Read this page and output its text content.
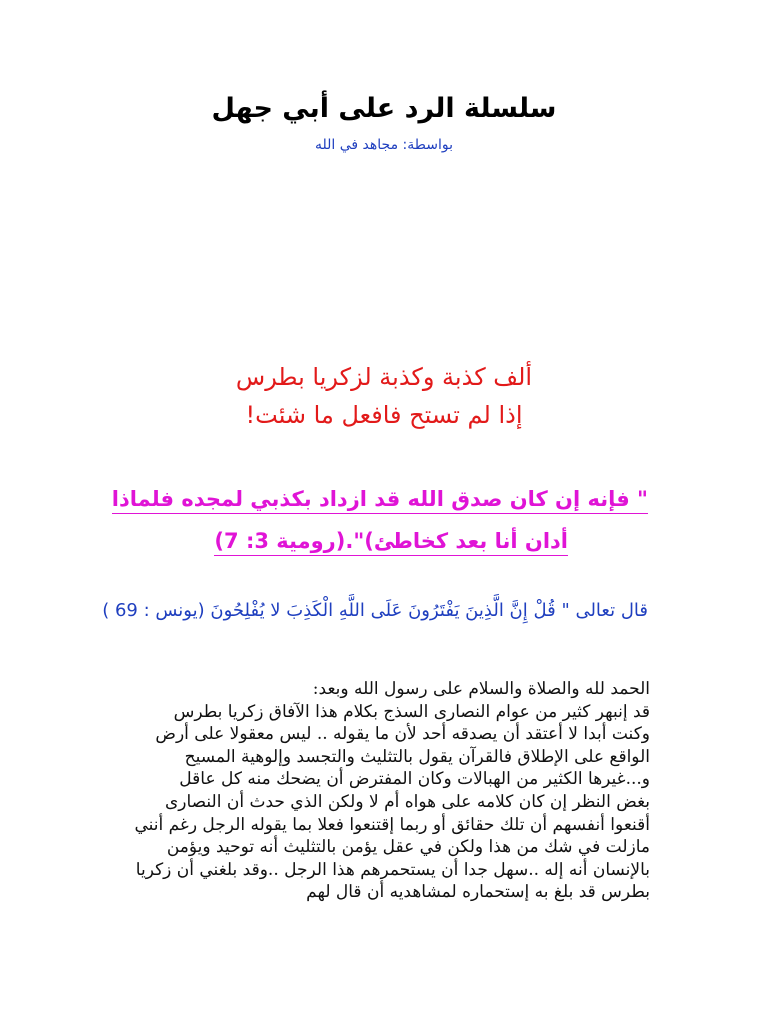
سلسلة الرد على أبي جهل
بواسطة: مجاهد في الله
ألف كذبة وكذبة لزكريا بطرس
إذا لم تستح فافعل ما شئت!
" فإنه إن كان صدق الله قد ازداد بكذبي لمجده فلماذا
أدان أنا بعد كخاطئ)".(رومية 3: 7)
قال تعالى " قُلْ إِنَّ الَّذِينَ يَفْتَرُونَ عَلَى اللَّهِ الْكَذِبَ لا يُفْلِحُونَ (يونس : 69 )
الحمد لله والصلاة والسلام على رسول الله وبعد:
قد إنبهر كثير من عوام النصارى السذج بكلام هذا الآفاق زكريا بطرس
وكنت أبدا لا أعتقد أن يصدقه أحد لأن ما يقوله .. ليس معقولا على أرض
الواقع على الإطلاق فالقرآن يقول بالتثليث والتجسد وإلوهية المسيح
و...غيرها الكثير من الهبالات وكان المفترض أن يضحك منه كل عاقل
بغض النظر إن كان كلامه على هواه أم لا ولكن الذي حدث أن النصارى
أقنعوا أنفسهم أن تلك حقائق أو ربما إقتنعوا فعلا بما يقوله الرجل رغم أنني
مازلت في شك من هذا ولكن في عقل يؤمن بالتثليث أنه توحيد ويؤمن
بالإنسان أنه إله ..سهل جدا أن يستحمرهم هذا الرجل ..وقد بلغني أن زكريا
بطرس قد بلغ به إستحماره لمشاهديه أن قال لهم
